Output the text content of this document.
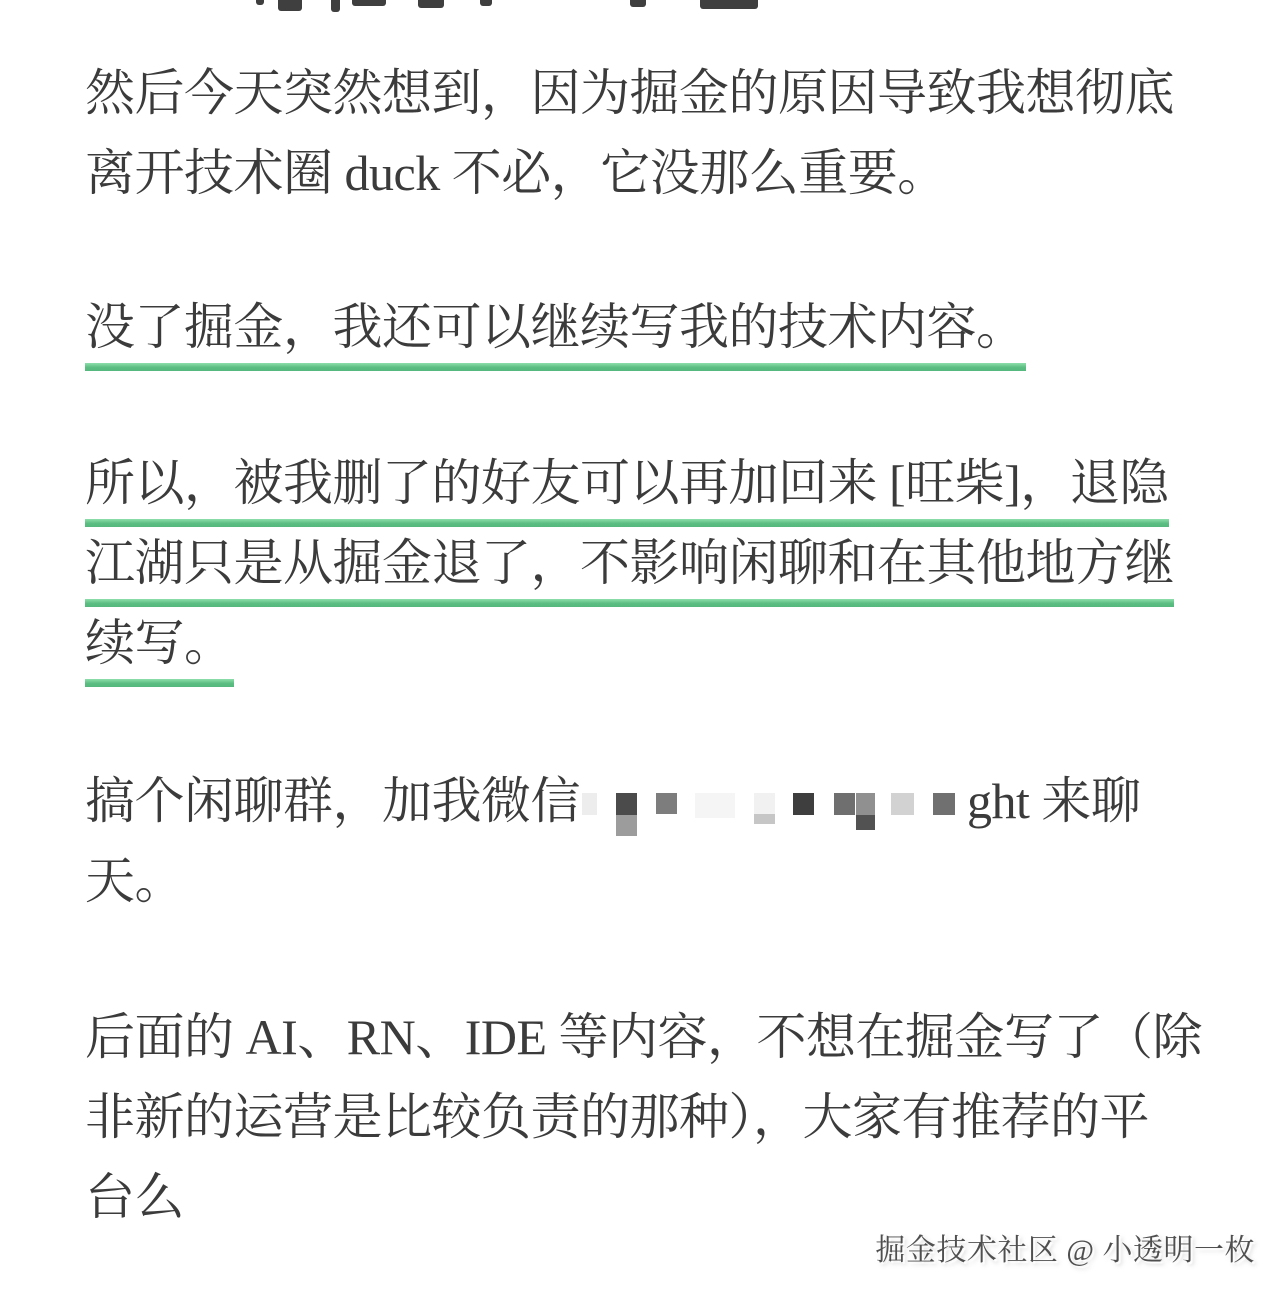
然后今天突然想到，因为掘金的原因导致我想彻底
离开技术圈 duck 不必，它没那么重要。
没了掘金，我还可以继续写我的技术内容。
所以，被我删了的好友可以再加回来 [旺柴]，退隐
江湖只是从掘金退了，不影响闲聊和在其他地方继
续写。
搞个闲聊群，加我微信	ght 来聊
天。
后面的 AI、RN、IDE 等内容，不想在掘金写了（除
非新的运营是比较负责的那种），大家有推荐的平
台么
掘金技术社区 @ 小透明一枚
